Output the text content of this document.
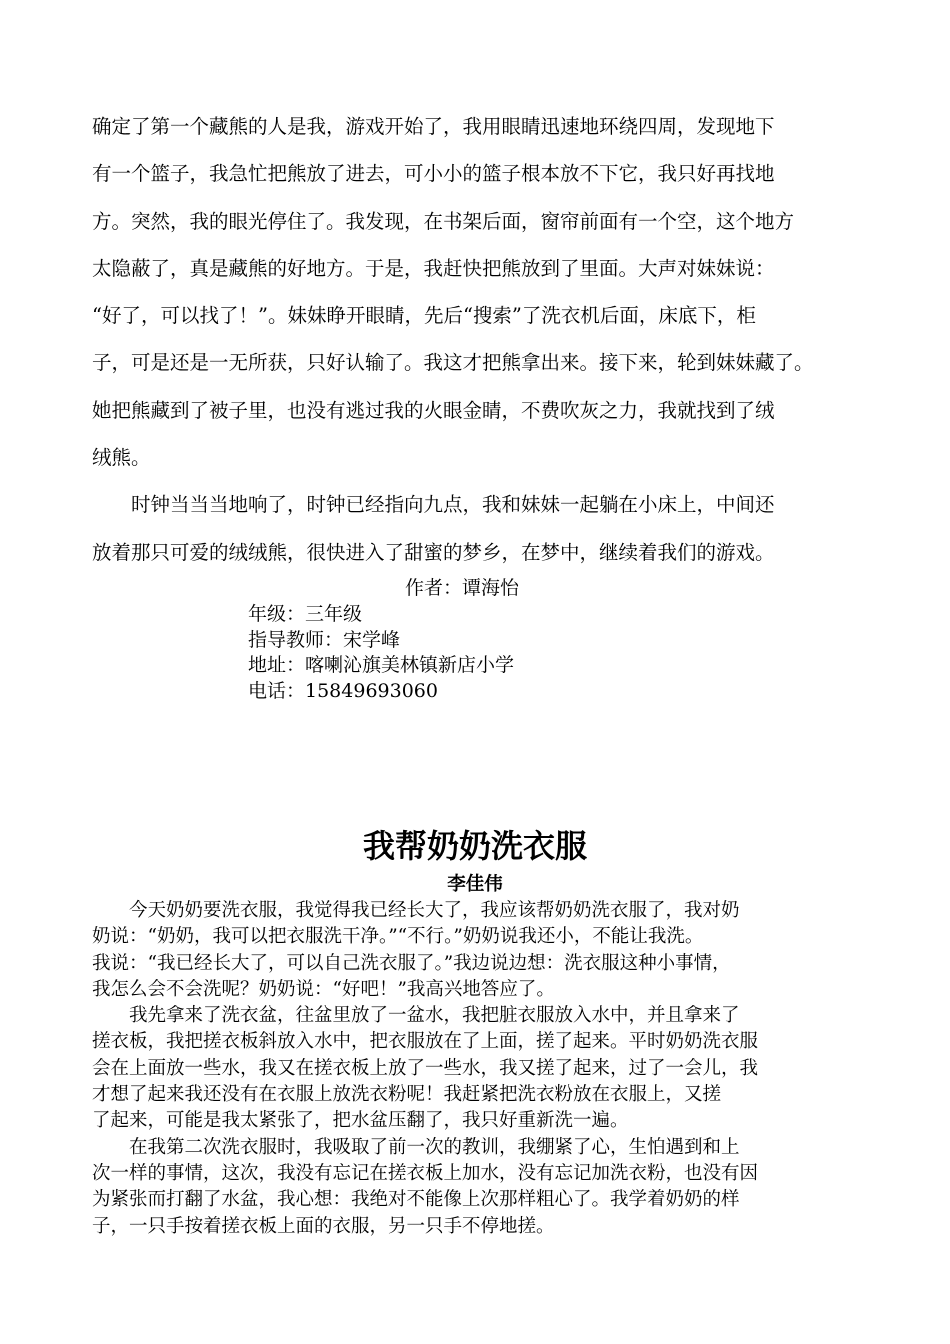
确定了第一个藏熊的人是我，游戏开始了，我用眼睛迅速地环绕四周，发现地下
有一个篮子，我急忙把熊放了进去，可小小的篮子根本放不下它，我只好再找地
方。突然，我的眼光停住了。我发现，在书架后面，窗帘前面有一个空，这个地方
太隐蔽了，真是藏熊的好地方。于是，我赶快把熊放到了里面。大声对妹妹说：
“好了，可以找了！”。妹妹睁开眼睛，先后“搜索”了洗衣机后面，床底下，柜
子，可是还是一无所获，只好认输了。我这才把熊拿出来。接下来，轮到妹妹藏了。
她把熊藏到了被子里，也没有逃过我的火眼金睛，不费吹灰之力，我就找到了绒
绒熊。
　　时钟当当当地响了，时钟已经指向九点，我和妹妹一起躺在小床上，中间还
放着那只可爱的绒绒熊，很快进入了甜蜜的梦乡，在梦中，继续着我们的游戏。
作者：谭海怡
年级：三年级
指导教师：宋学峰
地址：喀喇沁旗美林镇新店小学
电话：15849693060
我帮奶奶洗衣服
李佳伟
　　今天奶奶要洗衣服，我觉得我已经长大了，我应该帮奶奶洗衣服了，我对奶
奶说：“奶奶，我可以把衣服洗干净。”“不行。”奶奶说我还小，不能让我洗。
我说：“我已经长大了，可以自己洗衣服了。”我边说边想：洗衣服这种小事情，
我怎么会不会洗呢？奶奶说：“好吧！”我高兴地答应了。
　　我先拿来了洗衣盆，往盆里放了一盆水，我把脏衣服放入水中，并且拿来了
搓衣板，我把搓衣板斜放入水中，把衣服放在了上面，搓了起来。平时奶奶洗衣服
会在上面放一些水，我又在搓衣板上放了一些水，我又搓了起来，过了一会儿，我
才想了起来我还没有在衣服上放洗衣粉呢！我赶紧把洗衣粉放在衣服上，又搓
了起来，可能是我太紧张了，把水盆压翻了，我只好重新洗一遍。
　　在我第二次洗衣服时，我吸取了前一次的教训，我绷紧了心，生怕遇到和上
次一样的事情，这次，我没有忘记在搓衣板上加水，没有忘记加洗衣粉，也没有因
为紧张而打翻了水盆，我心想：我绝对不能像上次那样粗心了。我学着奶奶的样
子，一只手按着搓衣板上面的衣服，另一只手不停地搓。
